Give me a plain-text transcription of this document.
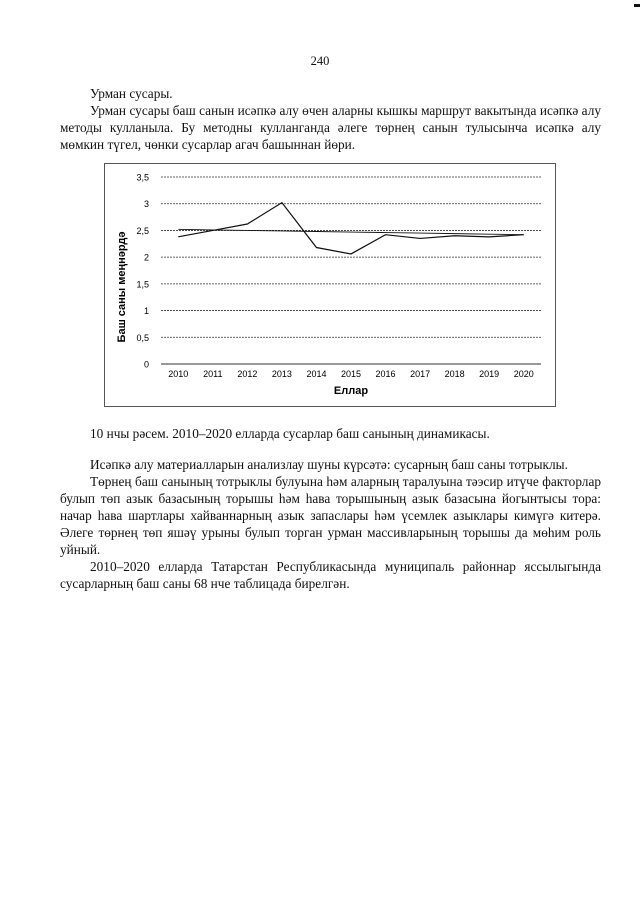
240
Урман сусары.

Урман сусары баш санын исәпкә алу өчен аларны кышкы маршрут вакытында исәпкә алу методы кулланыла. Бу методны кулланганда әлеге төрнең санын тулысынча исәпкә алу мөмкин түгел, чөнки сусарлар агач башыннан йөри.

0
0,5
1
1,5
2
2,5
3
3,5
2010 2011 2012 2013 2014 2015 2016 2017 2018 2019 2020
Баш саны меңнәрдә
Еллар
10 нчы рәсем. 2010–2020 елларда сусарлар баш санының динамикасы.

Исәпкә алу материалларын анализлау шуны күрсәтә: сусарның баш саны тотрыклы.

Төрнең баш санының тотрыклы булуына һәм аларның таралуына тәэсир итүче факторлар булып төп азык базасының торышы һәм һава торышының азык базасына йогынтысы тора: начар һава шартлары хайваннарның азык запаслары һәм үсемлек азыклары кимүгә китерә. Әлеге төрнең төп яшәү урыны булып торган урман массивларының торышы да мөһим роль уйный.

2010–2020 елларда Татарстан Республикасында муниципаль районнар яссылыгында сусарларның баш саны 68 нче таблицада бирелгән.
